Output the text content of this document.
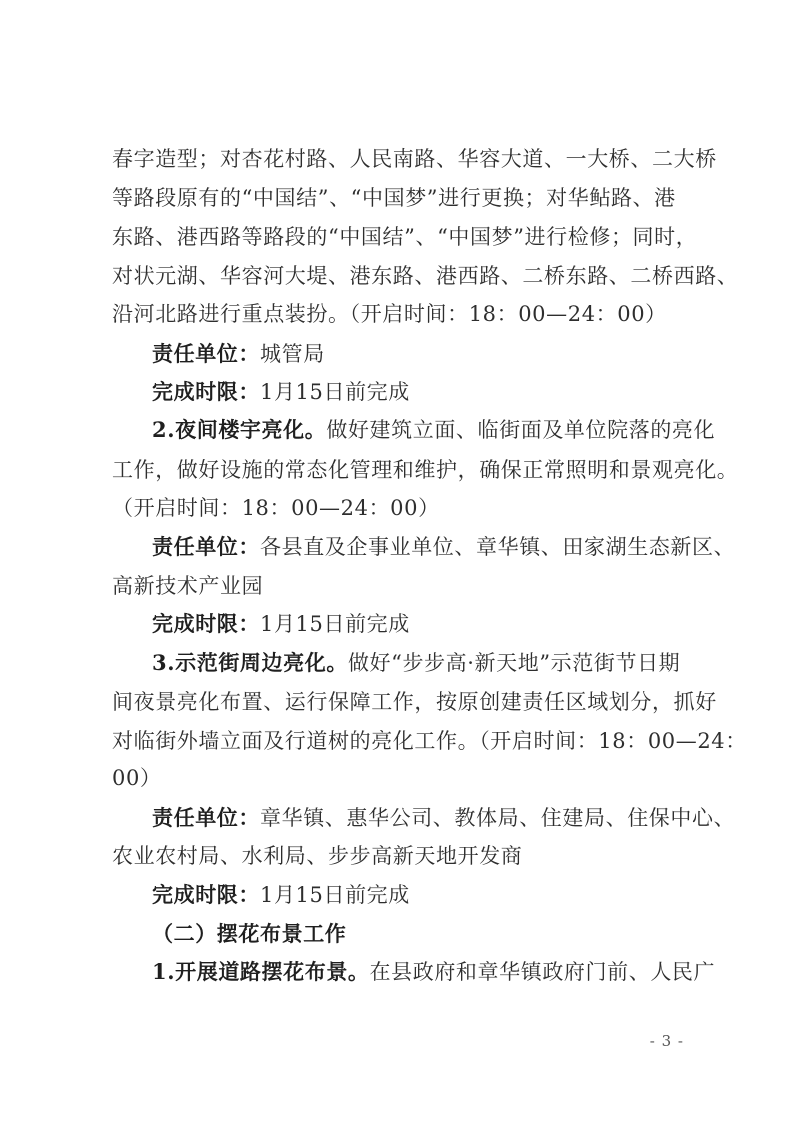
春字造型；对杏花村路、人民南路、华容大道、一大桥、二大桥
等路段原有的“中国结”、“中国梦”进行更换；对华鲇路、港
东路、港西路等路段的“中国结”、“中国梦”进行检修；同时，
对状元湖、华容河大堤、港东路、港西路、二桥东路、二桥西路、
沿河北路进行重点装扮。（开启时间：18：00—24：00）
责任单位：城管局
完成时限：1月15日前完成
2.夜间楼宇亮化。做好建筑立面、临街面及单位院落的亮化
工作，做好设施的常态化管理和维护，确保正常照明和景观亮化。
（开启时间：18：00—24：00）
责任单位：各县直及企事业单位、章华镇、田家湖生态新区、
高新技术产业园
完成时限：1月15日前完成
3.示范街周边亮化。做好“步步高·新天地”示范街节日期
间夜景亮化布置、运行保障工作，按原创建责任区域划分，抓好
对临街外墙立面及行道树的亮化工作。（开启时间：18：00—24：
00）
责任单位：章华镇、惠华公司、教体局、住建局、住保中心、
农业农村局、水利局、步步高新天地开发商
完成时限：1月15日前完成
（二）摆花布景工作
1.开展道路摆花布景。在县政府和章华镇政府门前、人民广
- 3 -
